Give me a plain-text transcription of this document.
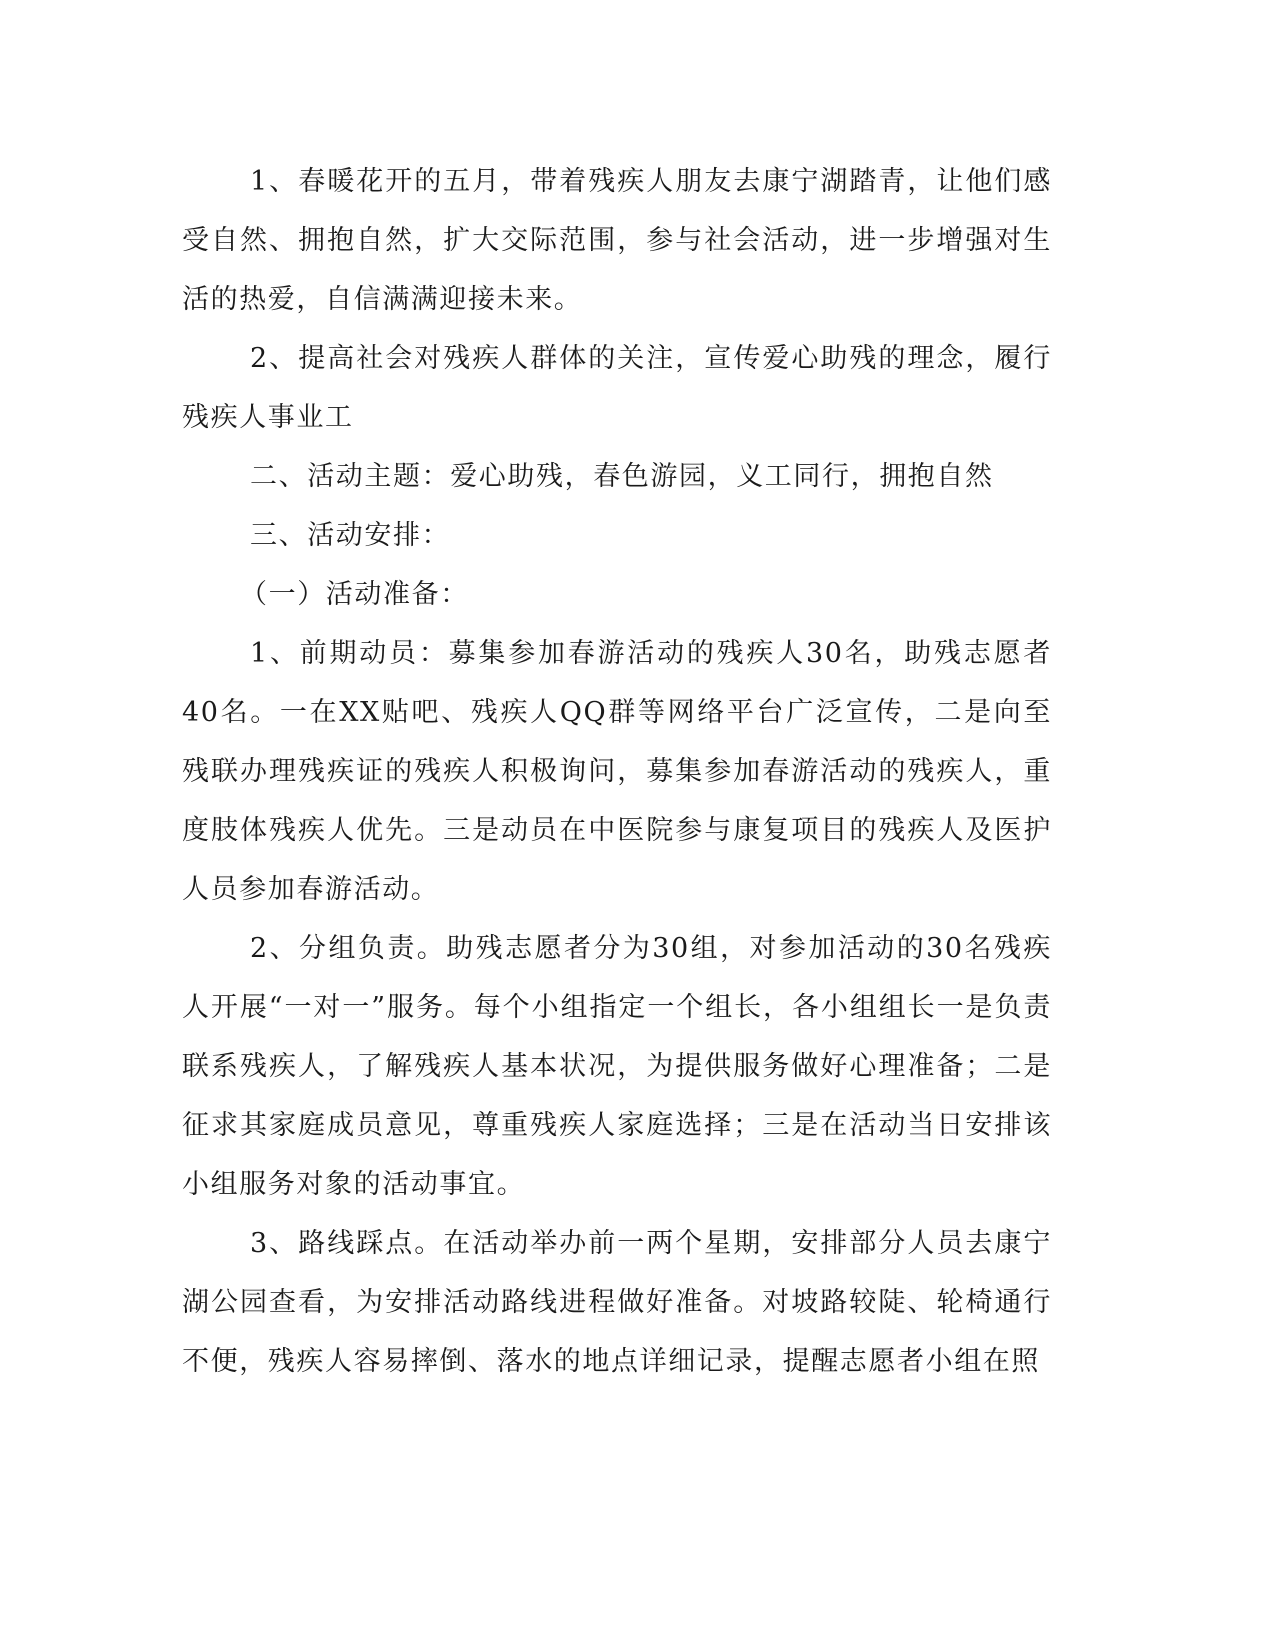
1、春暖花开的五月，带着残疾人朋友去康宁湖踏青，让他们感受自然、拥抱自然，扩大交际范围，参与社会活动，进一步增强对生活的热爱，自信满满迎接未来。

2、提高社会对残疾人群体的关注，宣传爱心助残的理念，履行残疾人事业工

二、活动主题：爱心助残，春色游园，义工同行，拥抱自然

三、活动安排：

（一）活动准备：

1、前期动员：募集参加春游活动的残疾人30名，助残志愿者40名。一在XX贴吧、残疾人QQ群等网络平台广泛宣传，二是向至残联办理残疾证的残疾人积极询问，募集参加春游活动的残疾人，重度肢体残疾人优先。三是动员在中医院参与康复项目的残疾人及医护人员参加春游活动。

2、分组负责。助残志愿者分为30组，对参加活动的30名残疾人开展“一对一”服务。每个小组指定一个组长，各小组组长一是负责联系残疾人，了解残疾人基本状况，为提供服务做好心理准备；二是征求其家庭成员意见，尊重残疾人家庭选择；三是在活动当日安排该小组服务对象的活动事宜。

3、路线踩点。在活动举办前一两个星期，安排部分人员去康宁湖公园查看，为安排活动路线进程做好准备。对坡路较陡、轮椅通行不便，残疾人容易摔倒、落水的地点详细记录，提醒志愿者小组在照
